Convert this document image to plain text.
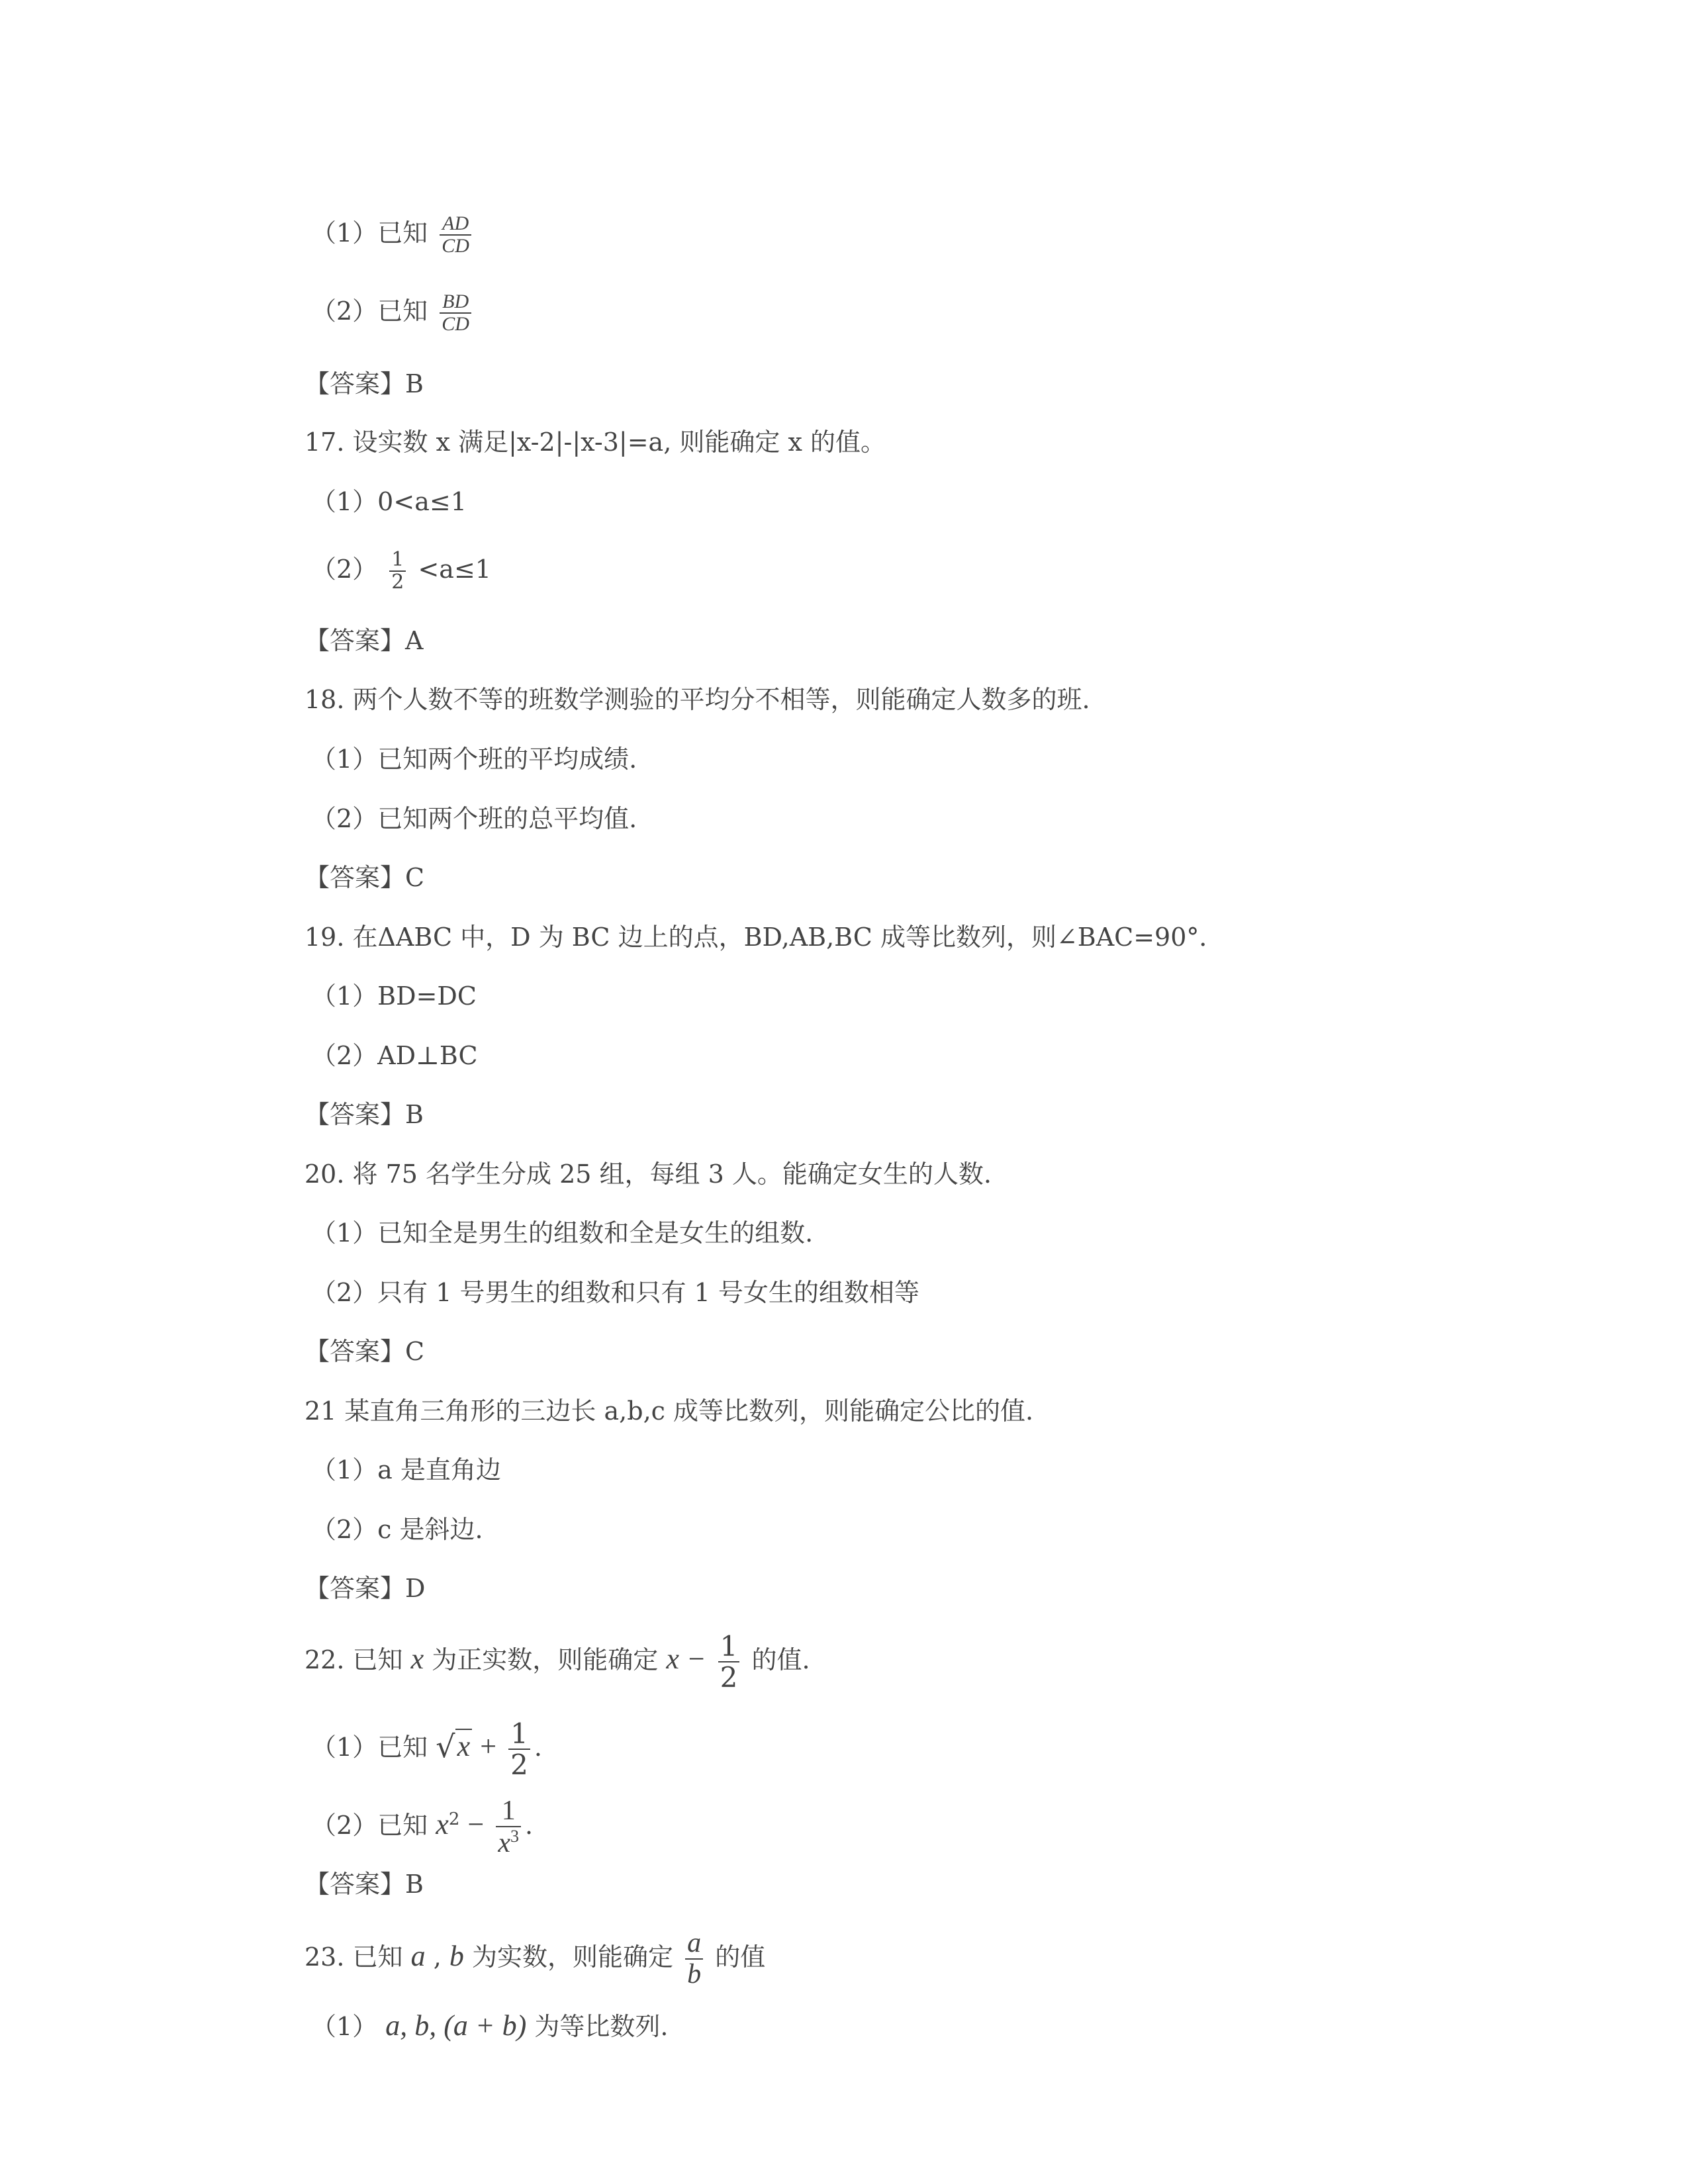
（1）已知 $\frac{AD}{CD}$
（2）已知 $\frac{BD}{CD}$
【答案】B
17. 设实数 x 满足|x-2|-|x-3|=a, 则能确定 x 的值。
（1）0<a≤1
$(2) \frac{1}{2} <a\le 1$
【答案】A
18. 两个人数不等的班数学测验的平均分不相等，则能确定人数多的班.
（1）已知两个班的平均成绩.
（2）已知两个班的总平均值.
【答案】C
19. 在ΔABC 中，D 为 BC 边上的点，BD,AB,BC 成等比数列，则∠BAC=90°．
（1）BD=DC
（2）AD⊥BC
【答案】B
20. 将 75 名学生分成 25 组，每组 3 人。能确定女生的人数.
（1）已知全是男生的组数和全是女生的组数.
（2）只有 1 号男生的组数和只有 1 号女生的组数相等
【答案】C
21 某直角三角形的三边长 a,b,c 成等比数列，则能确定公比的值.
（1）a 是直角边
（2）c 是斜边.
【答案】D
22. 已知 x 为正实数，则能确定 $x - \frac{1}{2}$ 的值.
（1）已知 $√x + \frac{1}{2}$ .
（2）已知 $x^2 - \frac{1}{x^3}$ .
【答案】B
23. 已知 a , b 为实数，则能确定 $\frac{a}{b}$ 的值
（1） a, b, (a + b) 为等比数列.
